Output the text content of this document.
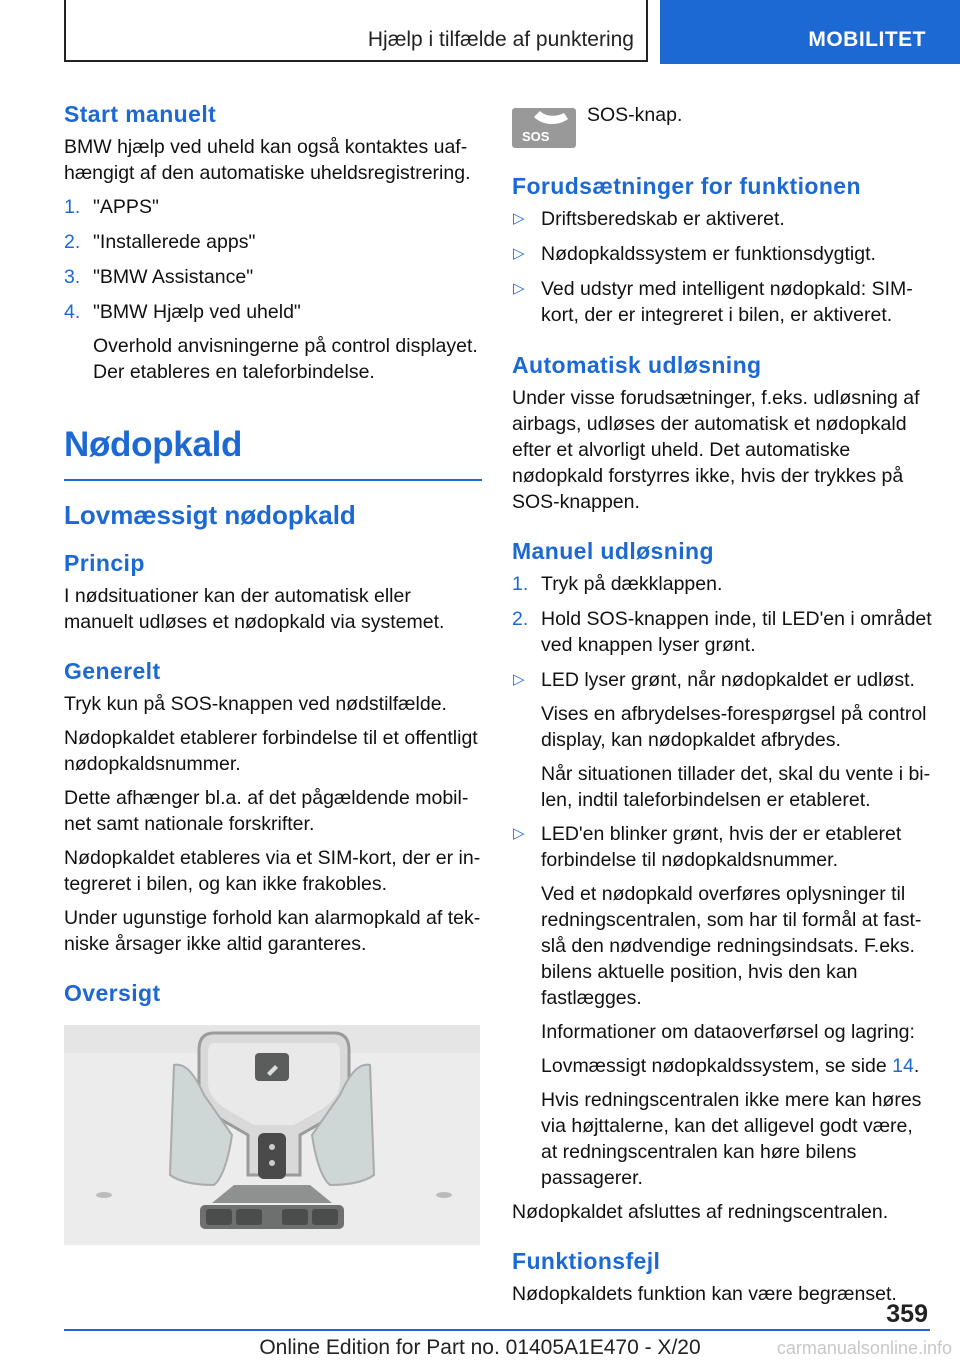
Hjælp i tilfælde af punktering	MOBILITET
Start manuelt

BMW hjælp ved uheld kan også kontaktes uafhængigt af den automatiske uheldsregistrering.

1. "APPS"
2. "Installerede apps"
3. "BMW Assistance"
4. "BMW Hjælp ved uheld"
Overhold anvisningerne på control displayet. Der etableres en taleforbindelse.
Nødopkald
Lovmæssigt nødopkald
Princip

I nødsituationer kan der automatisk eller manuelt udløses et nødopkald via systemet.

Generelt

Tryk kun på SOS-knappen ved nødstilfælde.

Nødopkaldet etablerer forbindelse til et offentligt nødopkaldsnummer.

Dette afhænger bl.a. af det pågældende mobilnet samt nationale forskrifter.

Nødopkaldet etableres via et SIM-kort, der er integreret i bilen, og kan ikke frakobles.

Under ugunstige forhold kan alarmopkald af tekniske årsager ikke altid garanteres.

Oversigt
SOS
SOS-knap.
Forudsætninger for funktionen
▷ Driftsberedskab er aktiveret.
▷ Nødopkaldssystem er funktionsdygtigt.
▷ Ved udstyr med intelligent nødopkald: SIM-kort, der er integreret i bilen, er aktiveret.
Automatisk udløsning

Under visse forudsætninger, f.eks. udløsning af airbags, udløses der automatisk et nødopkald efter et alvorligt uheld. Det automatiske nødopkald forstyrres ikke, hvis der trykkes på SOS-knappen.

Manuel udløsning
1. Tryk på dækklappen.
2. Hold SOS-knappen inde, til LED'en i området ved knappen lyser grønt.
▷ LED lyser grønt, når nødopkaldet er udløst.
Vises en afbrydelses-forespørgsel på control display, kan nødopkaldet afbrydes.
Når situationen tillader det, skal du vente i bilen, indtil taleforbindelsen er etableret.
▷ LED'en blinker grønt, hvis der er etableret forbindelse til nødopkaldsnummer.
Ved et nødopkald overføres oplysninger til redningscentralen, som har til formål at fastslå den nødvendige redningsindsats. F.eks. bilens aktuelle position, hvis den kan fastlægges.
Informationer om dataoverførsel og lagring:
Lovmæssigt nødopkaldssystem, se side 14.
Hvis redningscentralen ikke mere kan høres via højttalerne, kan det alligevel godt være, at redningscentralen kan høre bilens passagerer.

Nødopkaldet afsluttes af redningscentralen.

Funktionsfejl

Nødopkaldets funktion kan være begrænset.

359
Online Edition for Part no. 01405A1E470 - X/20	carmanualsonline.info
